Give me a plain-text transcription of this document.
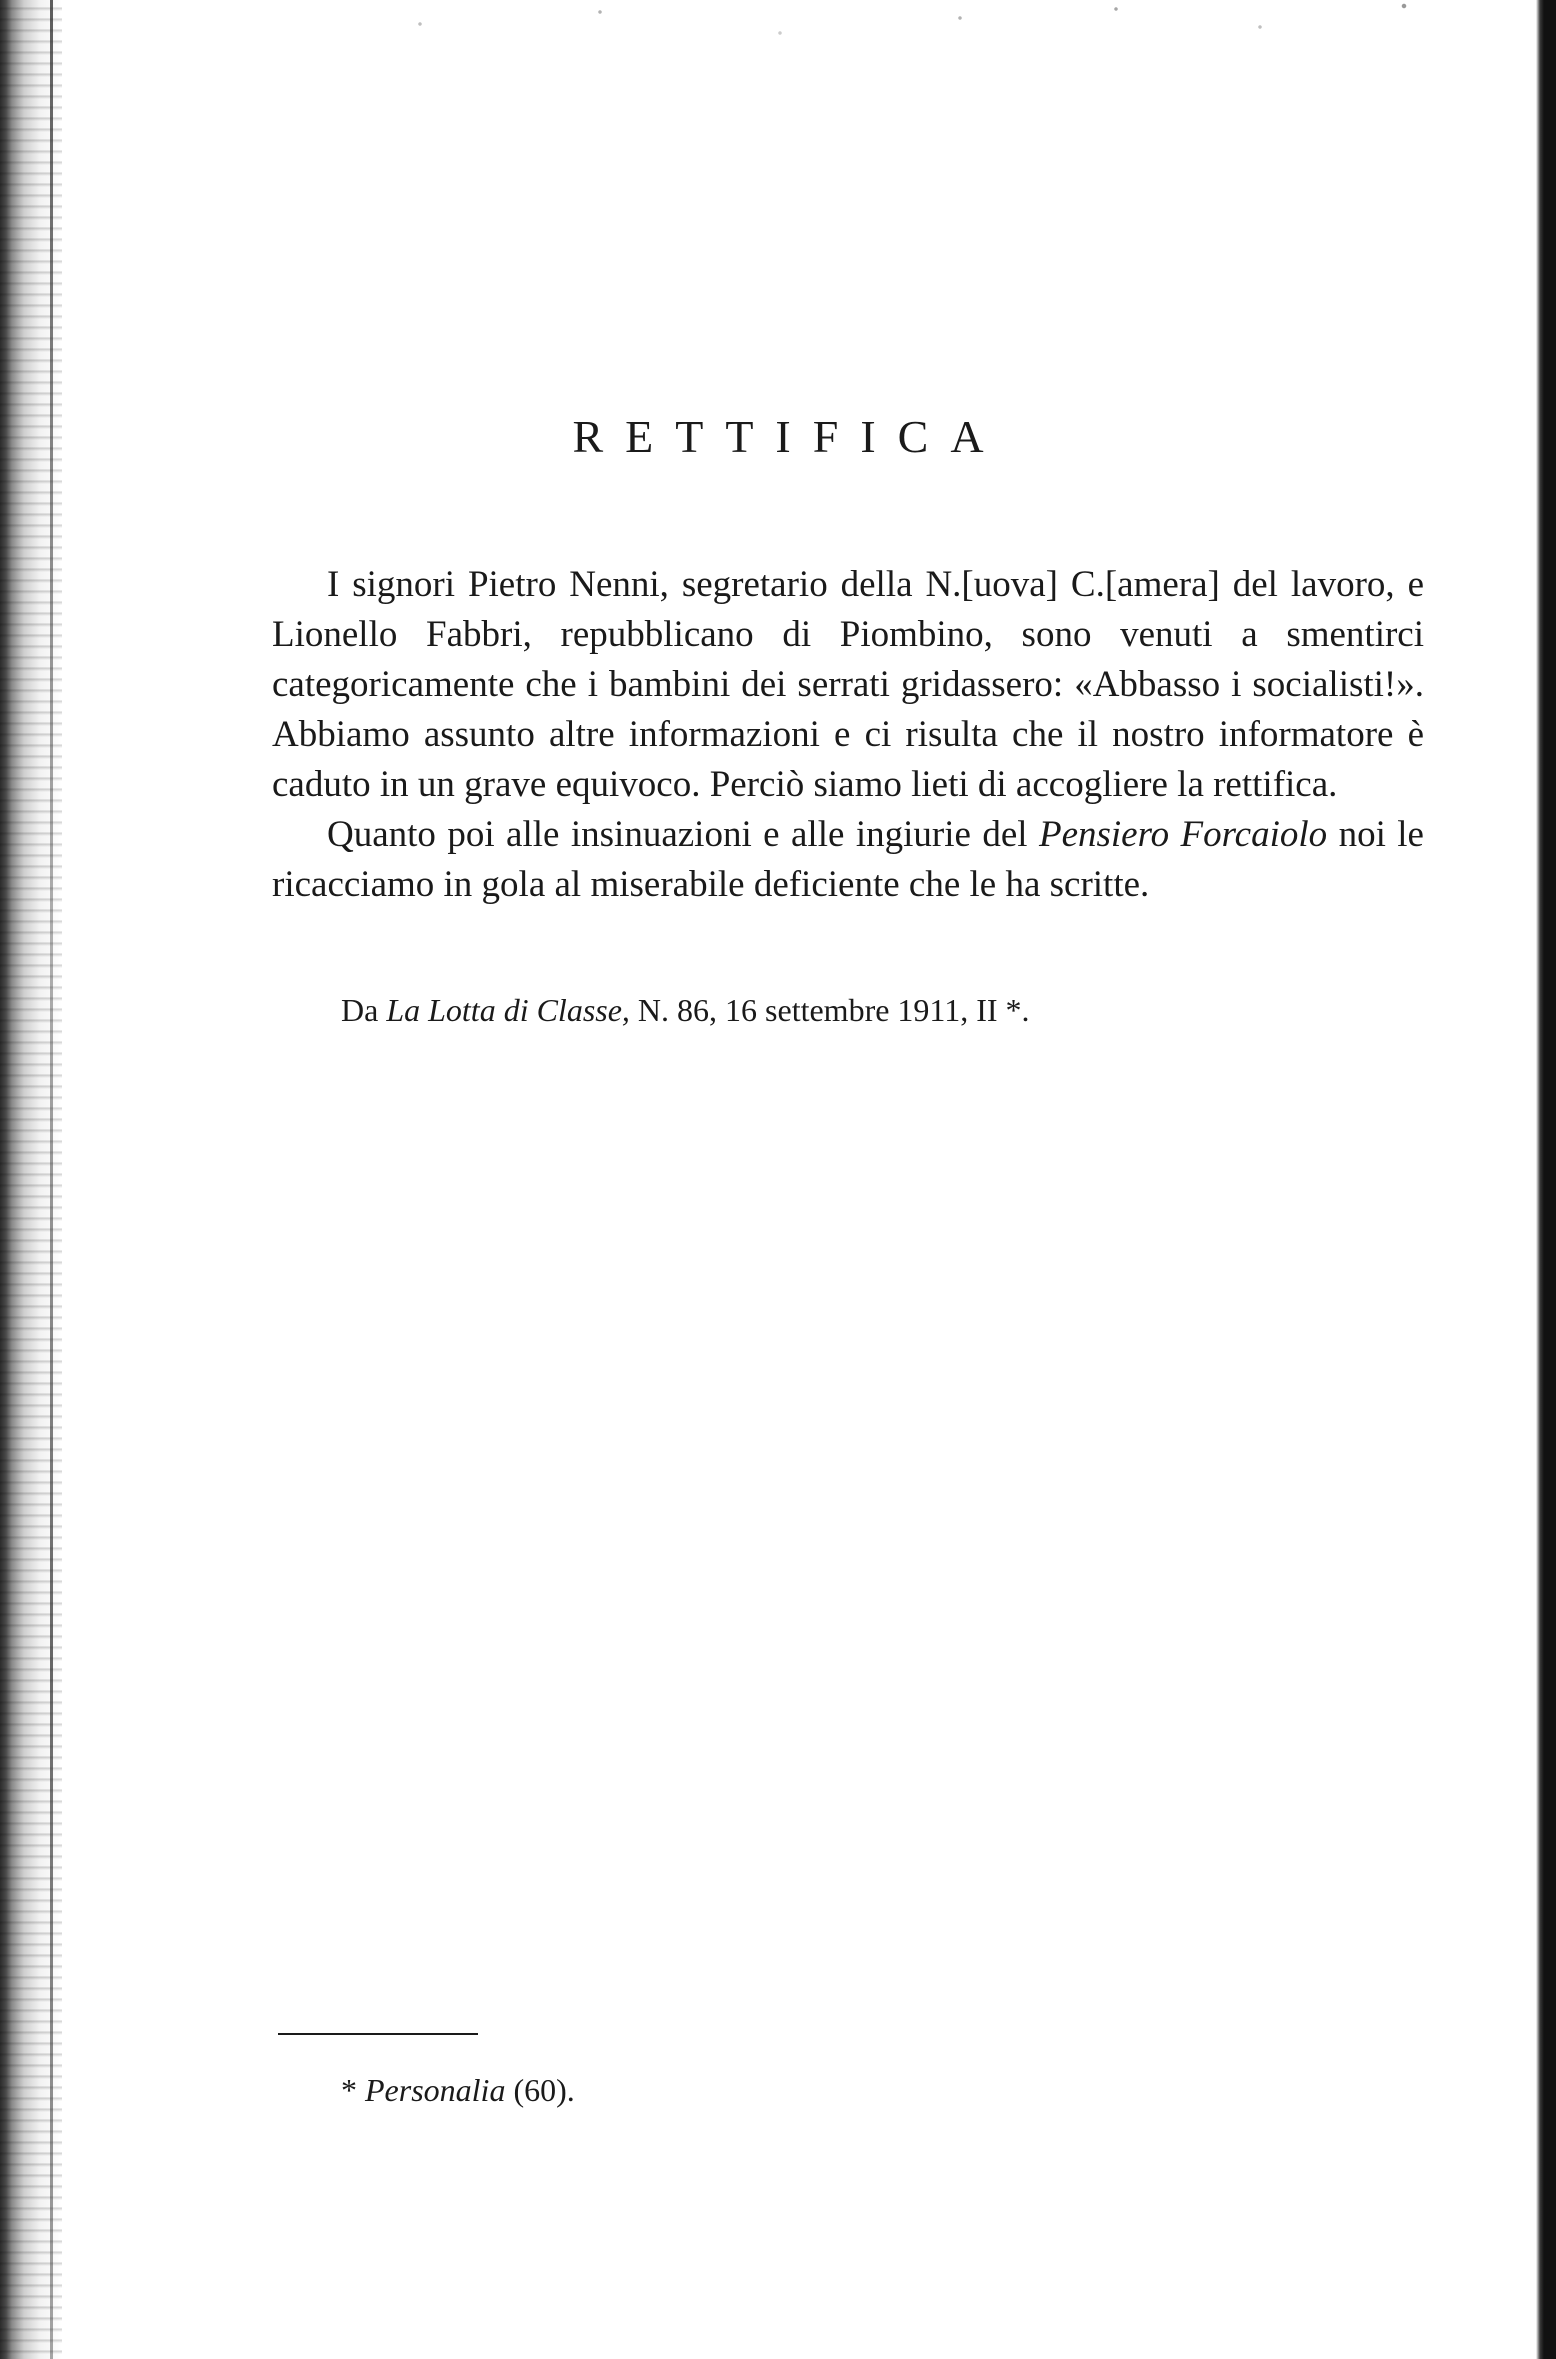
RETTIFICA

I signori Pietro Nenni, segretario della N.[uova] C.[amera] del lavoro, e Lionello Fabbri, repubblicano di Piombino, sono venuti a smentirci categoricamente che i bambini dei serrati gridassero: «Abbasso i socialisti!». Abbiamo assunto altre informazioni e ci risulta che il nostro informatore è caduto in un grave equivoco. Perciò siamo lieti di accogliere la rettifica.

Quanto poi alle insinuazioni e alle ingiurie del Pensiero Forcaiolo noi le ricacciamo in gola al miserabile deficiente che le ha scritte.

Da La Lotta di Classe, N. 86, 16 settembre 1911, II *.
* Personalia (60).
